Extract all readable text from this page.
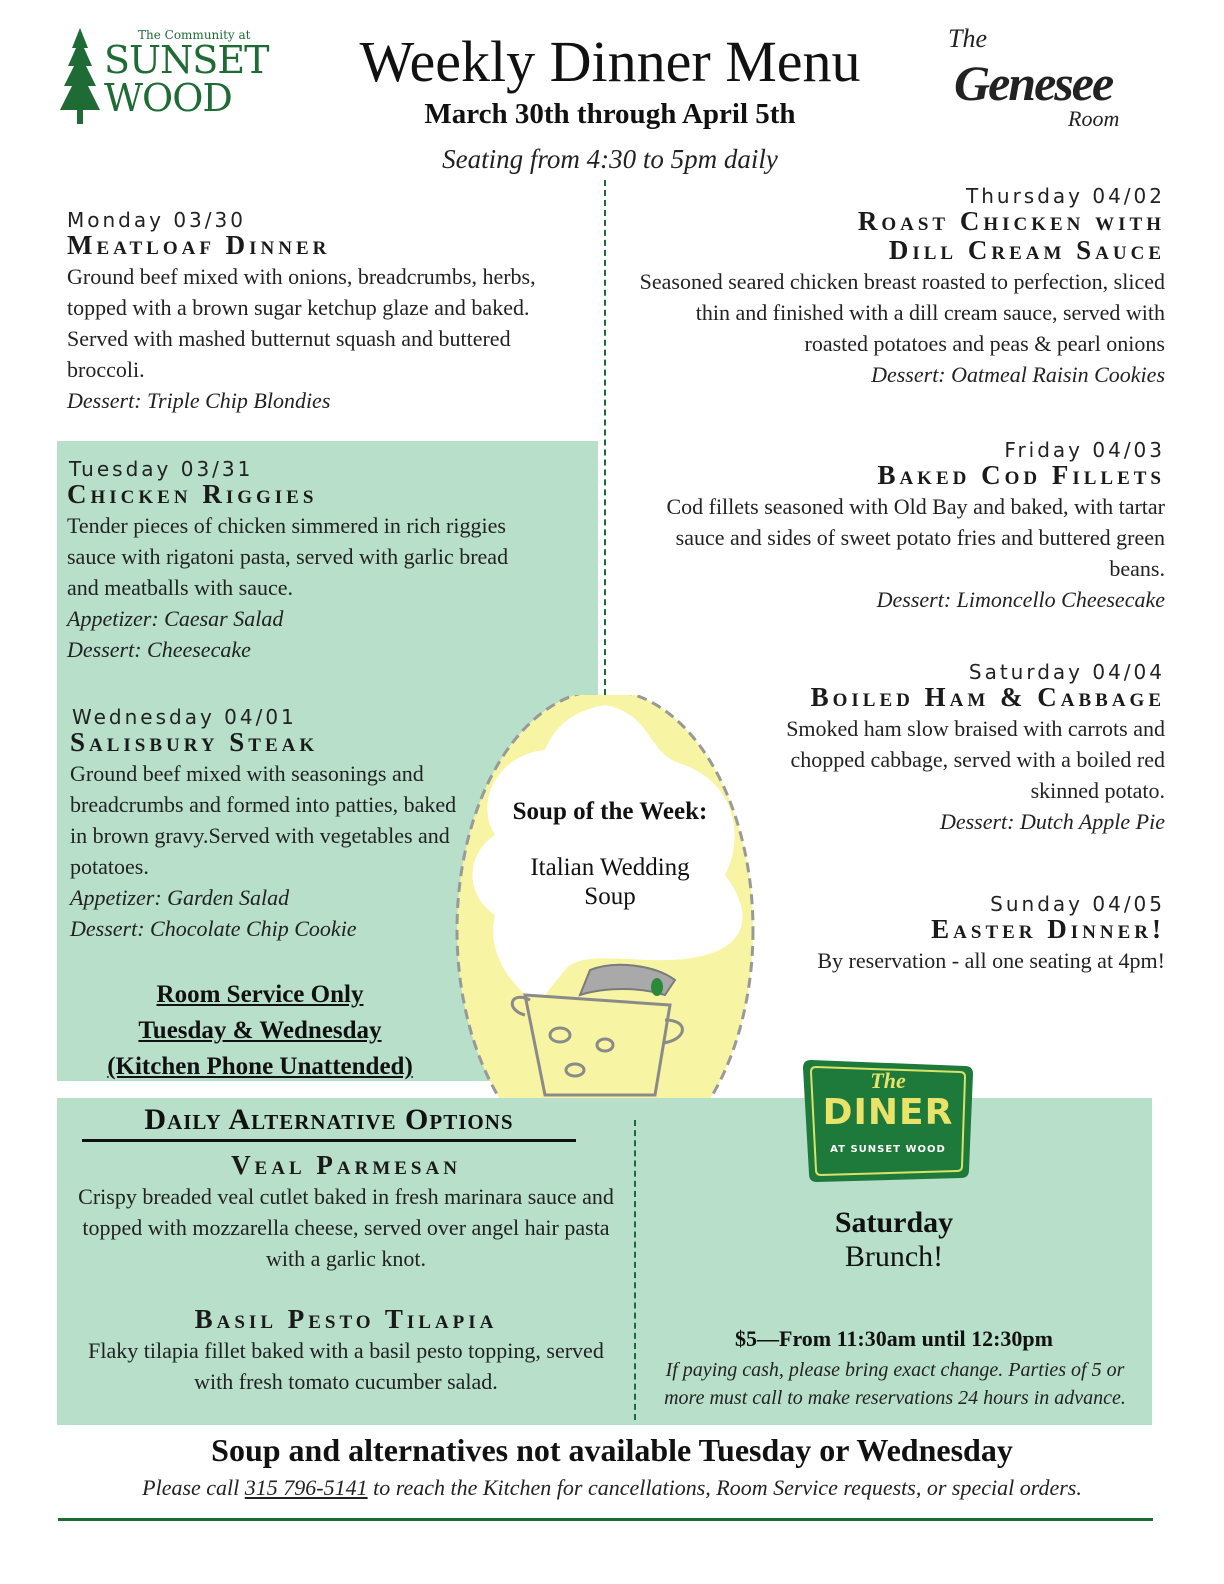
The Community at
SUNSET
WOOD
Weekly Dinner Menu
March 30th through April 5th
Seating from 4:30 to 5pm daily
The
Genesee
Room
Soup of the Week:
Italian Wedding
Soup
Monday 03/30
Meatloaf Dinner
Ground beef mixed with onions, breadcrumbs, herbs, topped with a brown sugar ketchup glaze and baked. Served with mashed butternut squash and buttered broccoli.
Dessert: Triple Chip Blondies
Tuesday 03/31
Chicken Riggies
Tender pieces of chicken simmered in rich riggies sauce with rigatoni pasta, served with garlic bread and meatballs with sauce.
Appetizer: Caesar Salad
Dessert: Cheesecake
Wednesday 04/01
Salisbury Steak
Ground beef mixed with seasonings and breadcrumbs and formed into patties, baked in brown gravy.Served with vegetables and potatoes.
Appetizer: Garden Salad
Dessert: Chocolate Chip Cookie
Room Service Only
Tuesday & Wednesday
(Kitchen Phone Unattended)
Thursday 04/02
Roast Chicken with
Dill Cream Sauce
Seasoned seared chicken breast roasted to perfection, sliced thin and finished with a dill cream sauce, served with roasted potatoes and peas & pearl onions
Dessert: Oatmeal Raisin Cookies
Friday 04/03
Baked Cod Fillets
Cod fillets seasoned with Old Bay and baked, with tartar sauce and sides of sweet potato fries and buttered green beans.
Dessert: Limoncello Cheesecake
Saturday 04/04
Boiled Ham & Cabbage
Smoked ham slow braised with carrots and chopped cabbage, served with a boiled red skinned potato.
Dessert: Dutch Apple Pie
Sunday 04/05
Easter Dinner!
By reservation - all one seating at 4pm!
Daily Alternative Options
Veal Parmesan
Crispy breaded veal cutlet baked in fresh marinara sauce and topped with mozzarella cheese, served over angel hair pasta with a garlic knot.
Basil Pesto Tilapia
Flaky tilapia fillet baked with a basil pesto topping, served with fresh tomato cucumber salad.
The
DINER
AT SUNSET WOOD
Saturday
Brunch!
$5—From 11:30am until 12:30pm
If paying cash, please bring exact change. Parties of 5 or more must call to make reservations 24 hours in advance.
Soup and alternatives not available Tuesday or Wednesday
Please call 315 796-5141 to reach the Kitchen for cancellations, Room Service requests, or special orders.
